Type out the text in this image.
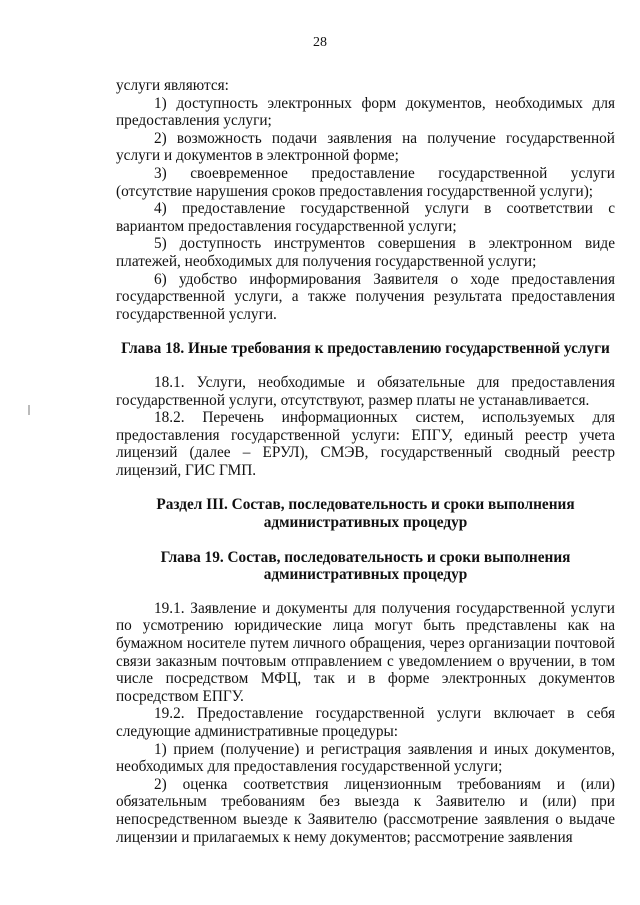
28

услуги являются:

1) доступность электронных форм документов, необходимых для предоставления услуги;

2) возможность подачи заявления на получение государственной услуги и документов в электронной форме;

3) своевременное предоставление государственной услуги (отсутствие нарушения сроков предоставления государственной услуги);

4) предоставление государственной услуги в соответствии с вариантом предоставления государственной услуги;

5) доступность инструментов совершения в электронном виде платежей, необходимых для получения государственной услуги;

6) удобство информирования Заявителя о ходе предоставления государственной услуги, а также получения результата предоставления государственной услуги.

Глава 18. Иные требования к предоставлению государственной услуги

18.1. Услуги, необходимые и обязательные для предоставления государственной услуги, отсутствуют, размер платы не устанавливается.

18.2. Перечень информационных систем, используемых для предоставления государственной услуги: ЕПГУ, единый реестр учета лицензий (далее – ЕРУЛ), СМЭВ, государственный сводный реестр лицензий, ГИС ГМП.

Раздел III. Состав, последовательность и сроки выполнения административных процедур

Глава 19. Состав, последовательность и сроки выполнения административных процедур

19.1. Заявление и документы для получения государственной услуги по усмотрению юридические лица могут быть представлены как на бумажном носителе путем личного обращения, через организации почтовой связи заказным почтовым отправлением с уведомлением о вручении, в том числе посредством МФЦ, так и в форме электронных документов посредством ЕПГУ.

19.2. Предоставление государственной услуги включает в себя следующие административные процедуры:

1) прием (получение) и регистрация заявления и иных документов, необходимых для предоставления государственной услуги;

2) оценка соответствия лицензионным требованиям и (или) обязательным требованиям без выезда к Заявителю и (или) при непосредственном выезде к Заявителю (рассмотрение заявления о выдаче лицензии и прилагаемых к нему документов; рассмотрение заявления
